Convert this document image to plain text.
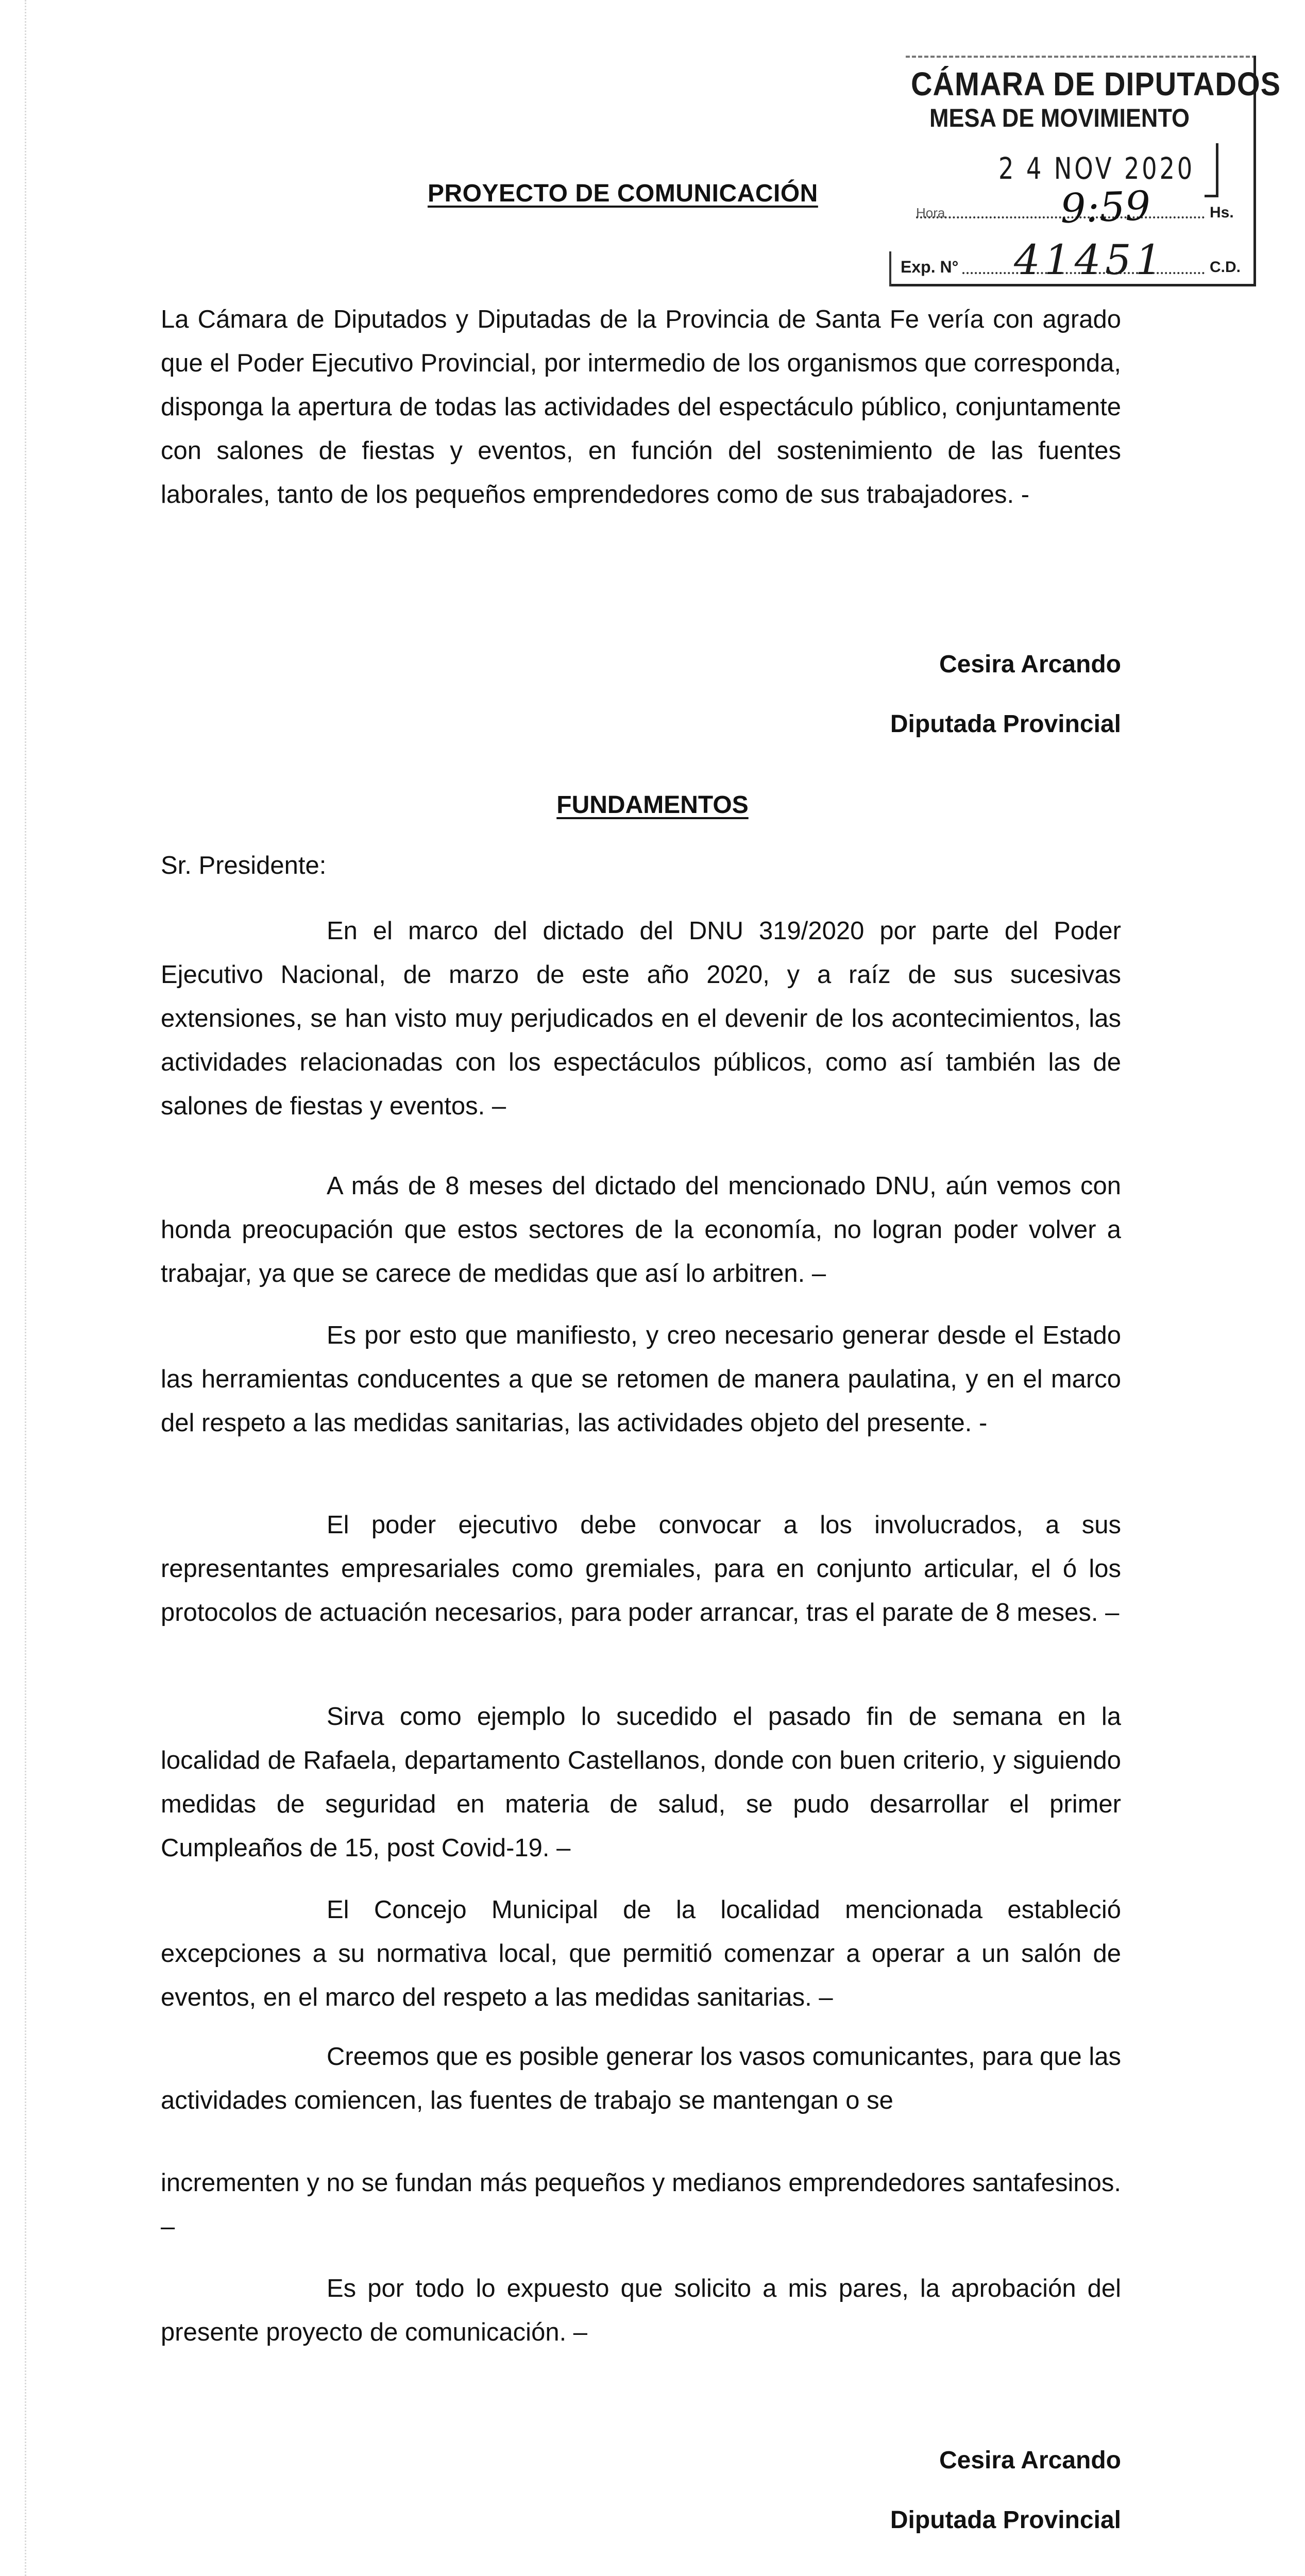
CÁMARA DE DIPUTADOS
MESA DE MOVIMIENTO
2 4 NOV 2020
Hora	9:59	Hs.
Exp. N° 41451	C.D.
PROYECTO DE COMUNICACIÓN

La Cámara de Diputados y Diputadas de la Provincia de Santa Fe vería con agrado que el Poder Ejecutivo Provincial, por intermedio de los organismos que corresponda, disponga la apertura de todas las actividades del espectáculo público, conjuntamente con salones de fiestas y eventos, en función del sostenimiento de las fuentes laborales, tanto de los pequeños emprendedores como de sus trabajadores. -

Cesira Arcando
Diputada Provincial
FUNDAMENTOS
Sr. Presidente:

En el marco del dictado del DNU 319/2020 por parte del Poder Ejecutivo Nacional, de marzo de este año 2020, y a raíz de sus sucesivas extensiones, se han visto muy perjudicados en el devenir de los acontecimientos, las actividades relacionadas con los espectáculos públicos, como así también las de salones de fiestas y eventos. –

A más de 8 meses del dictado del mencionado DNU, aún vemos con honda preocupación que estos sectores de la economía, no logran poder volver a trabajar, ya que se carece de medidas que así lo arbitren. –

Es por esto que manifiesto, y creo necesario generar desde el Estado las herramientas conducentes a que se retomen de manera paulatina, y en el marco del respeto a las medidas sanitarias, las actividades objeto del presente. -

El poder ejecutivo debe convocar a los involucrados, a sus representantes empresariales como gremiales, para en conjunto articular, el ó los protocolos de actuación necesarios, para poder arrancar, tras el parate de 8 meses. –

Sirva como ejemplo lo sucedido el pasado fin de semana en la localidad de Rafaela, departamento Castellanos, donde con buen criterio, y siguiendo medidas de seguridad en materia de salud, se pudo desarrollar el primer Cumpleaños de 15, post Covid-19. –

El Concejo Municipal de la localidad mencionada estableció excepciones a su normativa local, que permitió comenzar a operar a un salón de eventos, en el marco del respeto a las medidas sanitarias. –

Creemos que es posible generar los vasos comunicantes, para que las actividades comiencen, las fuentes de trabajo se mantengan o se

incrementen y no se fundan más pequeños y medianos emprendedores santafesinos. –

Es por todo lo expuesto que solicito a mis pares, la aprobación del presente proyecto de comunicación. –

Cesira Arcando
Diputada Provincial
